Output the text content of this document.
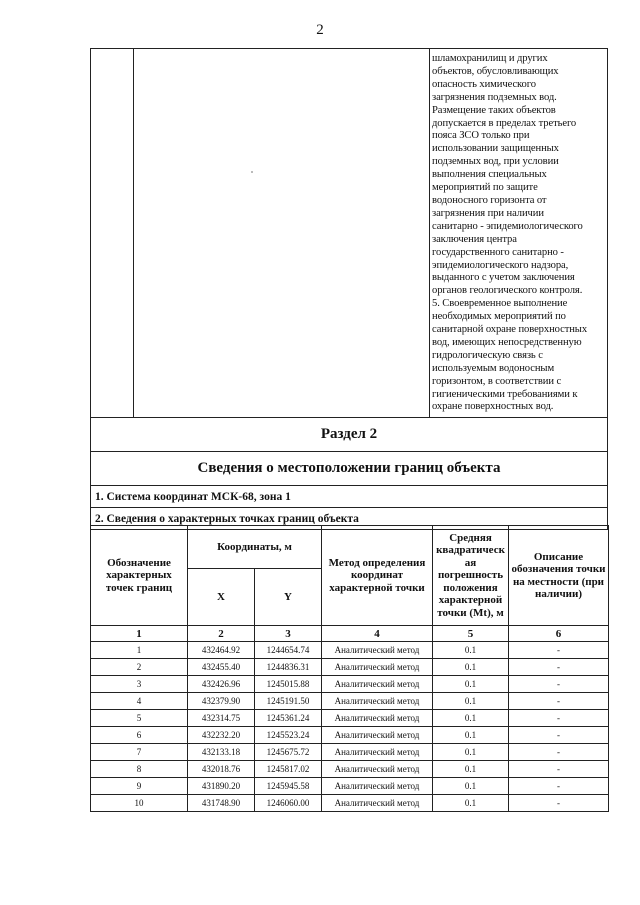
2
шламохранилищ и других
объектов, обусловливающих
опасность химического
загрязнения подземных вод.
Размещение таких объектов
допускается в пределах третьего
пояса ЗСО только при
использовании защищенных
подземных вод, при условии
выполнения специальных
мероприятий по защите
водоносного горизонта от
загрязнения при наличии
санитарно - эпидемиологического
заключения центра
государственного санитарно -
эпидемиологического надзора,
выданного с учетом заключения
органов геологического контроля.
5. Своевременное выполнение
необходимых мероприятий по
санитарной охране поверхностных
вод, имеющих непосредственную
гидрологическую связь с
используемым водоносным
горизонтом, в соответствии с
гигиеническими требованиями к
охране поверхностных вод.
Раздел 2
Сведения о местоположении границ объекта
1. Система координат МСК-68, зона 1
2. Сведения о характерных точках границ объекта
Обозначение характерных точек границ	Координаты, м		Метод определения координат характерной точки	Средняя квадратическ ая погрешность положения характерной точки (Mt), м	Описание обозначения точки на местности (при наличии)
	X	Y			
1	2	3	4	5	6
1	432464.92	1244654.74	Аналитический метод	0.1	-
2	432455.40	1244836.31	Аналитический метод	0.1	-
3	432426.96	1245015.88	Аналитический метод	0.1	-
4	432379.90	1245191.50	Аналитический метод	0.1	-
5	432314.75	1245361.24	Аналитический метод	0.1	-
6	432232.20	1245523.24	Аналитический метод	0.1	-
7	432133.18	1245675.72	Аналитический метод	0.1	-
8	432018.76	1245817.02	Аналитический метод	0.1	-
9	431890.20	1245945.58	Аналитический метод	0.1	-
10	431748.90	1246060.00	Аналитический метод	0.1	-
